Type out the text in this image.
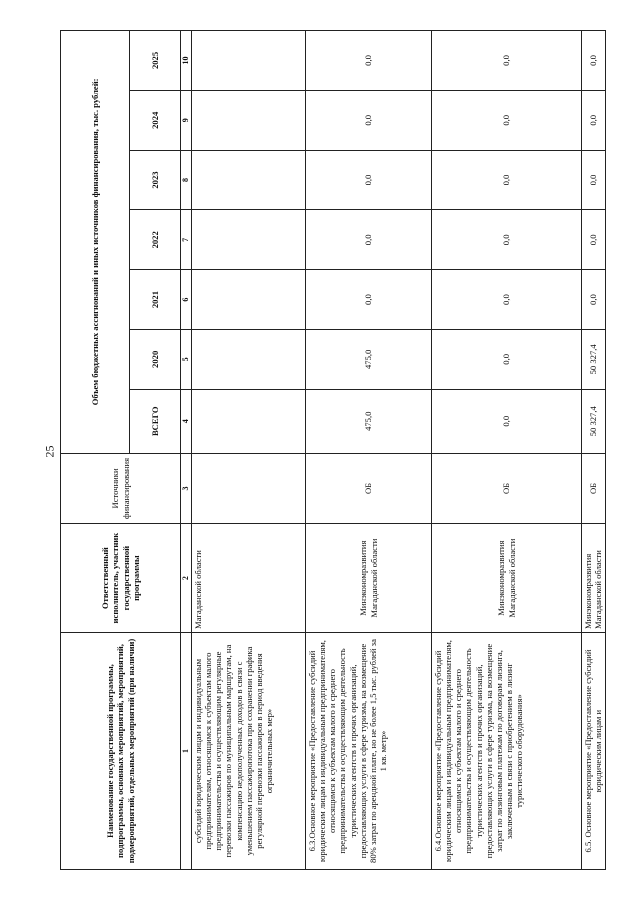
25
Наименование государственной программы, подпрограммы, основных мероприятий, мероприятий, подмероприятий, отдельных мероприятий (при наличии)	Ответственный исполнитель, участник государственной программы	Источники финансирования	Объем бюджетных ассигнований и иных источников финансирования, тыс. рублей:						
			ВСЕГО	2020	2021	2022	2023	2024	2025
1	2	3	4	5	6	7	8	9	10
субсидий юридическим лицам и индивидуальным предпринимателям, относящимся к субъектам малого предпринимательства и осуществляющим регулярные перевозки пассажиров по муниципальным маршрутам, на компенсацию недополученных доходов в связи с уменьшением пассажиропотока при сохранении графика регулярной перевозки пассажиров в период введения ограничительных мер»	Магаданской области								
6.3.Основное мероприятие «Предоставление субсидий юридическим лицам и индивидуальным предпринимателям, относящимся к субъектам малого и среднего предпринимательства и осуществляющим деятельность туристических агентств и прочих организаций, предоставляющих услуги в сфере туризма, на возмещение 80% затрат по арендной плате, но не более 1,5 тыс. рублей за 1 кв. метр»	Минэкономразвития Магаданской области	ОБ	475,0	475,0	0,0	0,0	0,0	0,0	0,0
6.4.Основное мероприятие «Предоставление субсидий юридическим лицам и индивидуальным предпринимателям, относящимся к субъектам малого и среднего предпринимательства и осуществляющим деятельность туристических агентств и прочих организаций, предоставляющих услуги в сфере туризма, на возмещение затрат по лизинговым платежам по договорам лизинга, заключенным в связи с приобретением в лизинг туристического оборудования»	Минэкономразвития Магаданской области	ОБ	0,0	0,0	0,0	0,0	0,0	0,0	0,0
6.5. Основное мероприятие «Предоставление субсидий юридическим лицам и	Минэкономразвития Магаданской области	ОБ	50 327,4	50 327,4	0,0	0,0	0,0	0,0	0,0
